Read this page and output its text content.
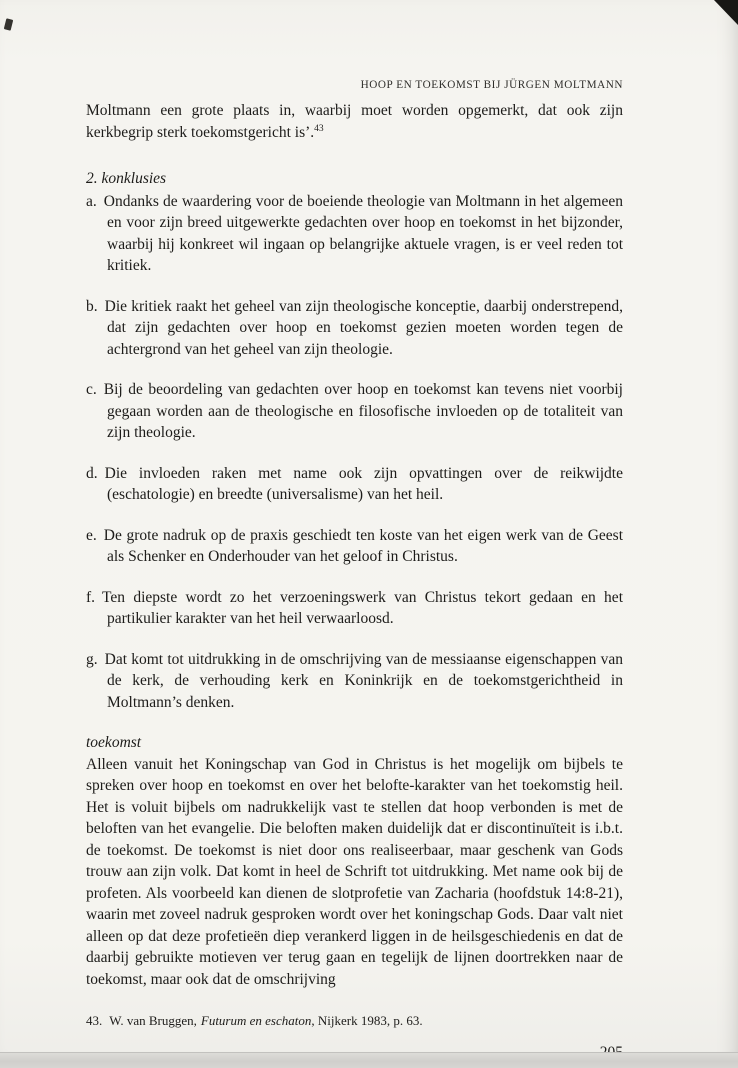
HOOP EN TOEKOMST BIJ JÜRGEN MOLTMANN

Moltmann een grote plaats in, waarbij moet worden opgemerkt, dat ook zijn kerkbegrip sterk toekomstgericht is’.$^{43}$

2. konklusies

a. Ondanks de waardering voor de boeiende theologie van Moltmann in het algemeen en voor zijn breed uitgewerkte gedachten over hoop en toekomst in het bijzonder, waarbij hij konkreet wil ingaan op belangrijke aktuele vragen, is er veel reden tot kritiek.

b. Die kritiek raakt het geheel van zijn theologische konceptie, daarbij onderstrepend, dat zijn gedachten over hoop en toekomst gezien moeten worden tegen de achtergrond van het geheel van zijn theologie.

c. Bij de beoordeling van gedachten over hoop en toekomst kan tevens niet voorbij gegaan worden aan de theologische en filosofische invloeden op de totaliteit van zijn theologie.

d. Die invloeden raken met name ook zijn opvattingen over de reikwijdte (eschatologie) en breedte (universalisme) van het heil.

e. De grote nadruk op de praxis geschiedt ten koste van het eigen werk van de Geest als Schenker en Onderhouder van het geloof in Christus.

f. Ten diepste wordt zo het verzoeningswerk van Christus tekort gedaan en het partikulier karakter van het heil verwaarloosd.

g. Dat komt tot uitdrukking in de omschrijving van de messiaanse eigenschappen van de kerk, de verhouding kerk en Koninkrijk en de toekomstgerichtheid in Moltmann’s denken.

toekomst

Alleen vanuit het Koningschap van God in Christus is het mogelijk om bijbels te spreken over hoop en toekomst en over het belofte-karakter van het toekomstig heil. Het is voluit bijbels om nadrukkelijk vast te stellen dat hoop verbonden is met de beloften van het evangelie. Die beloften maken duidelijk dat er discontinuïteit is i.b.t. de toekomst. De toekomst is niet door ons realiseerbaar, maar geschenk van Gods trouw aan zijn volk. Dat komt in heel de Schrift tot uitdrukking. Met name ook bij de profeten. Als voorbeeld kan dienen de slotprofetie van Zacharia (hoofdstuk 14:8-21), waarin met zoveel nadruk gesproken wordt over het koningschap Gods. Daar valt niet alleen op dat deze profetieën diep verankerd liggen in de heilsgeschiedenis en dat de daarbij gebruikte motieven ver terug gaan en tegelijk de lijnen doortrekken naar de toekomst, maar ook dat de omschrijving

43. W. van Bruggen, Futurum en eschaton, Nijkerk 1983, p. 63.
